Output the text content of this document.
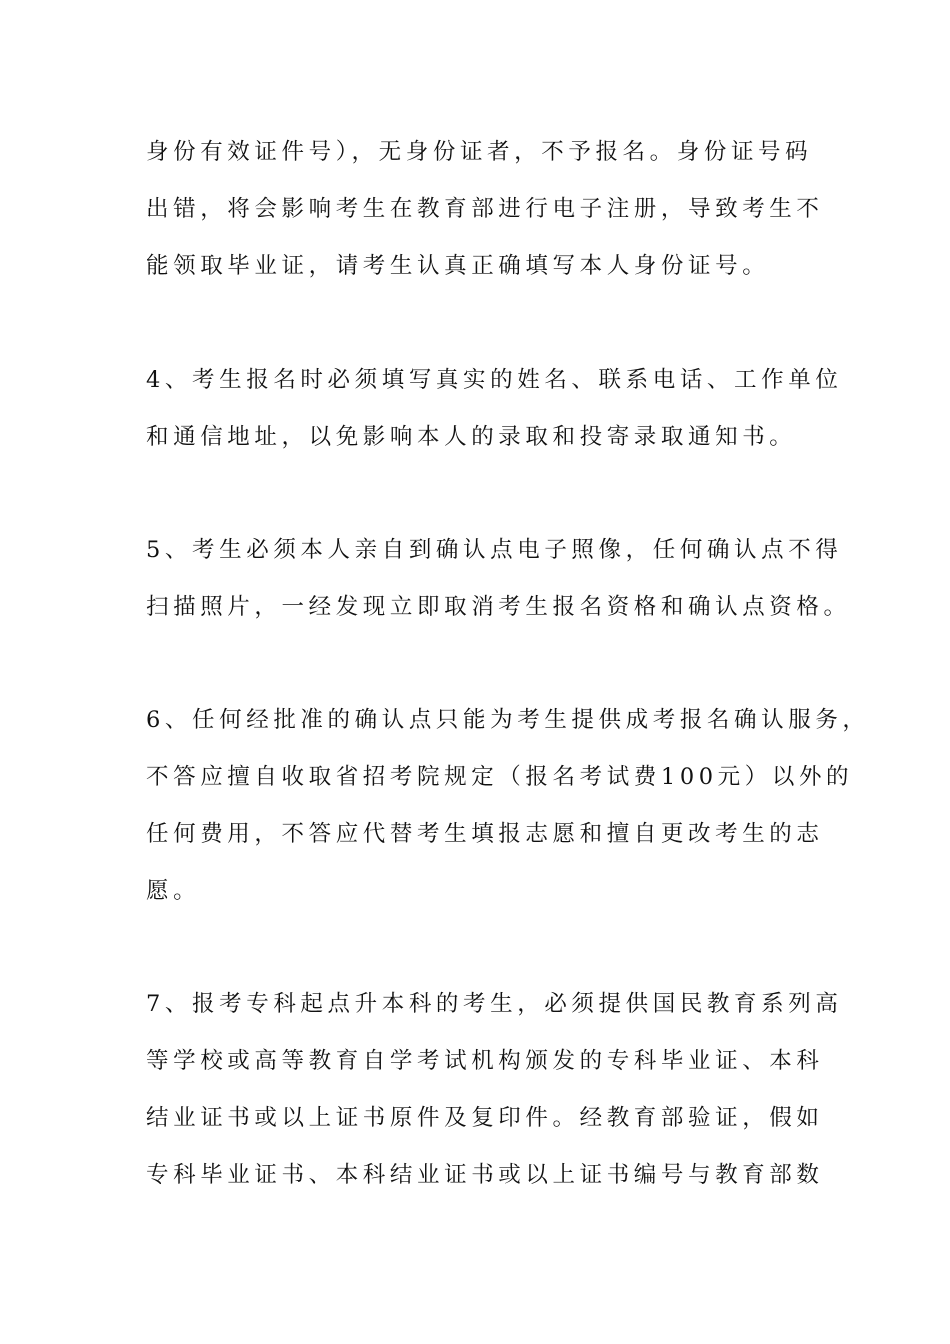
身份有效证件号），无身份证者，不予报名。身份证号码
出错，将会影响考生在教育部进行电子注册，导致考生不
能领取毕业证，请考生认真正确填写本人身份证号。

4、考生报名时必须填写真实的姓名、联系电话、工作单位
和通信地址，以免影响本人的录取和投寄录取通知书。

5、考生必须本人亲自到确认点电子照像，任何确认点不得
扫描照片，一经发现立即取消考生报名资格和确认点资格。

6、任何经批准的确认点只能为考生提供成考报名确认服务，
不答应擅自收取省招考院规定（报名考试费100元）以外的
任何费用，不答应代替考生填报志愿和擅自更改考生的志
愿。

7、报考专科起点升本科的考生，必须提供国民教育系列高
等学校或高等教育自学考试机构颁发的专科毕业证、本科
结业证书或以上证书原件及复印件。经教育部验证，假如
专科毕业证书、本科结业证书或以上证书编号与教育部数
